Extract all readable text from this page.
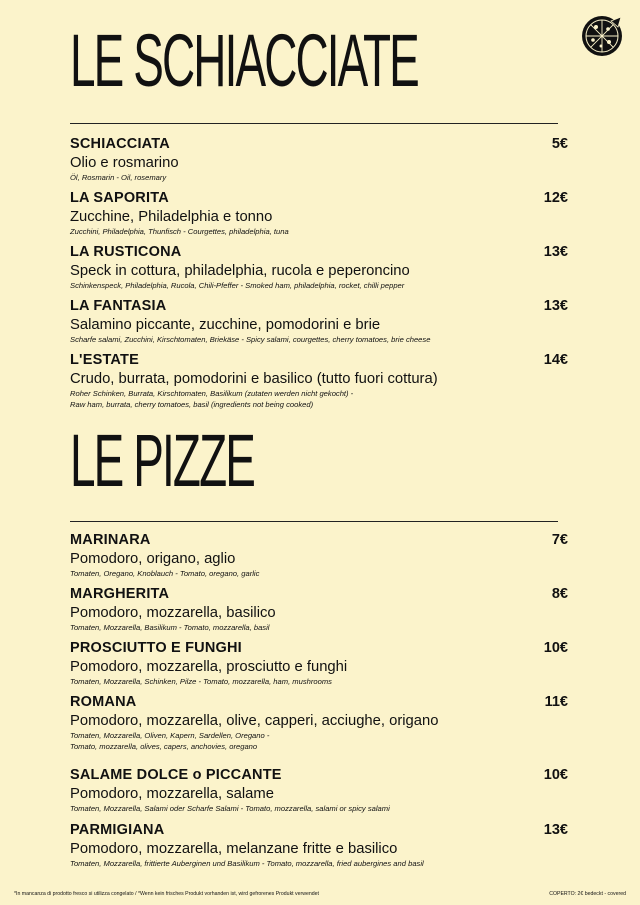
LE SCHIACCIATE
SCHIACCIATA	5€
Olio e rosmarino
Öl, Rosmarin - Oil, rosemary
LA SAPORITA	12€
Zucchine, Philadelphia e tonno
Zucchini, Philadelphia, Thunfisch - Courgettes, philadelphia, tuna
LA RUSTICONA	13€
Speck in cottura, philadelphia, rucola e peperoncino
Schinkenspeck, Philadelphia, Rucola, Chili-Pfeffer - Smoked ham, philadelphia, rocket, chilli pepper
LA FANTASIA	13€
Salamino piccante, zucchine, pomodorini e brie
Scharfe salami, Zucchini, Kirschtomaten, Briekäse - Spicy salami, courgettes, cherry tomatoes, brie cheese
L'ESTATE	14€
Crudo, burrata, pomodorini e basilico (tutto fuori cottura)
Roher Schinken, Burrata, Kirschtomaten, Basilikum (zutaten werden nicht gekocht) -
Raw ham, burrata, cherry tomatoes, basil (ingredients not being cooked)
LE PIZZE
MARINARA	7€
Pomodoro, origano, aglio
Tomaten, Oregano, Knoblauch - Tomato, oregano, garlic
MARGHERITA	8€
Pomodoro, mozzarella, basilico
Tomaten, Mozzarella, Basilikum - Tomato, mozzarella, basil
PROSCIUTTO E FUNGHI	10€
Pomodoro, mozzarella, prosciutto e funghi
Tomaten, Mozzarella, Schinken, Pilze - Tomato, mozzarella, ham, mushrooms
ROMANA	11€
Pomodoro, mozzarella, olive, capperi, acciughe, origano
Tomaten, Mozzarella, Oliven, Kapern, Sardellen, Oregano -
Tomato, mozzarella, olives, capers, anchovies, oregano
SALAME DOLCE o PICCANTE	10€
Pomodoro, mozzarella, salame
Tomaten, Mozzarella, Salami oder Scharfe Salami - Tomato, mozzarella, salami or spicy salami
PARMIGIANA	13€
Pomodoro, mozzarella, melanzane fritte e basilico
Tomaten, Mozzarella, frittierte Auberginen und Basilikum - Tomato, mozzarella, fried aubergines and basil
*In mancanza di prodotto fresco si utilizza congelato / *Wenn kein frisches Produkt vorhanden ist, wird gefrorenes Produkt verwendet	COPERTO: 2€ bedeckt - covered
